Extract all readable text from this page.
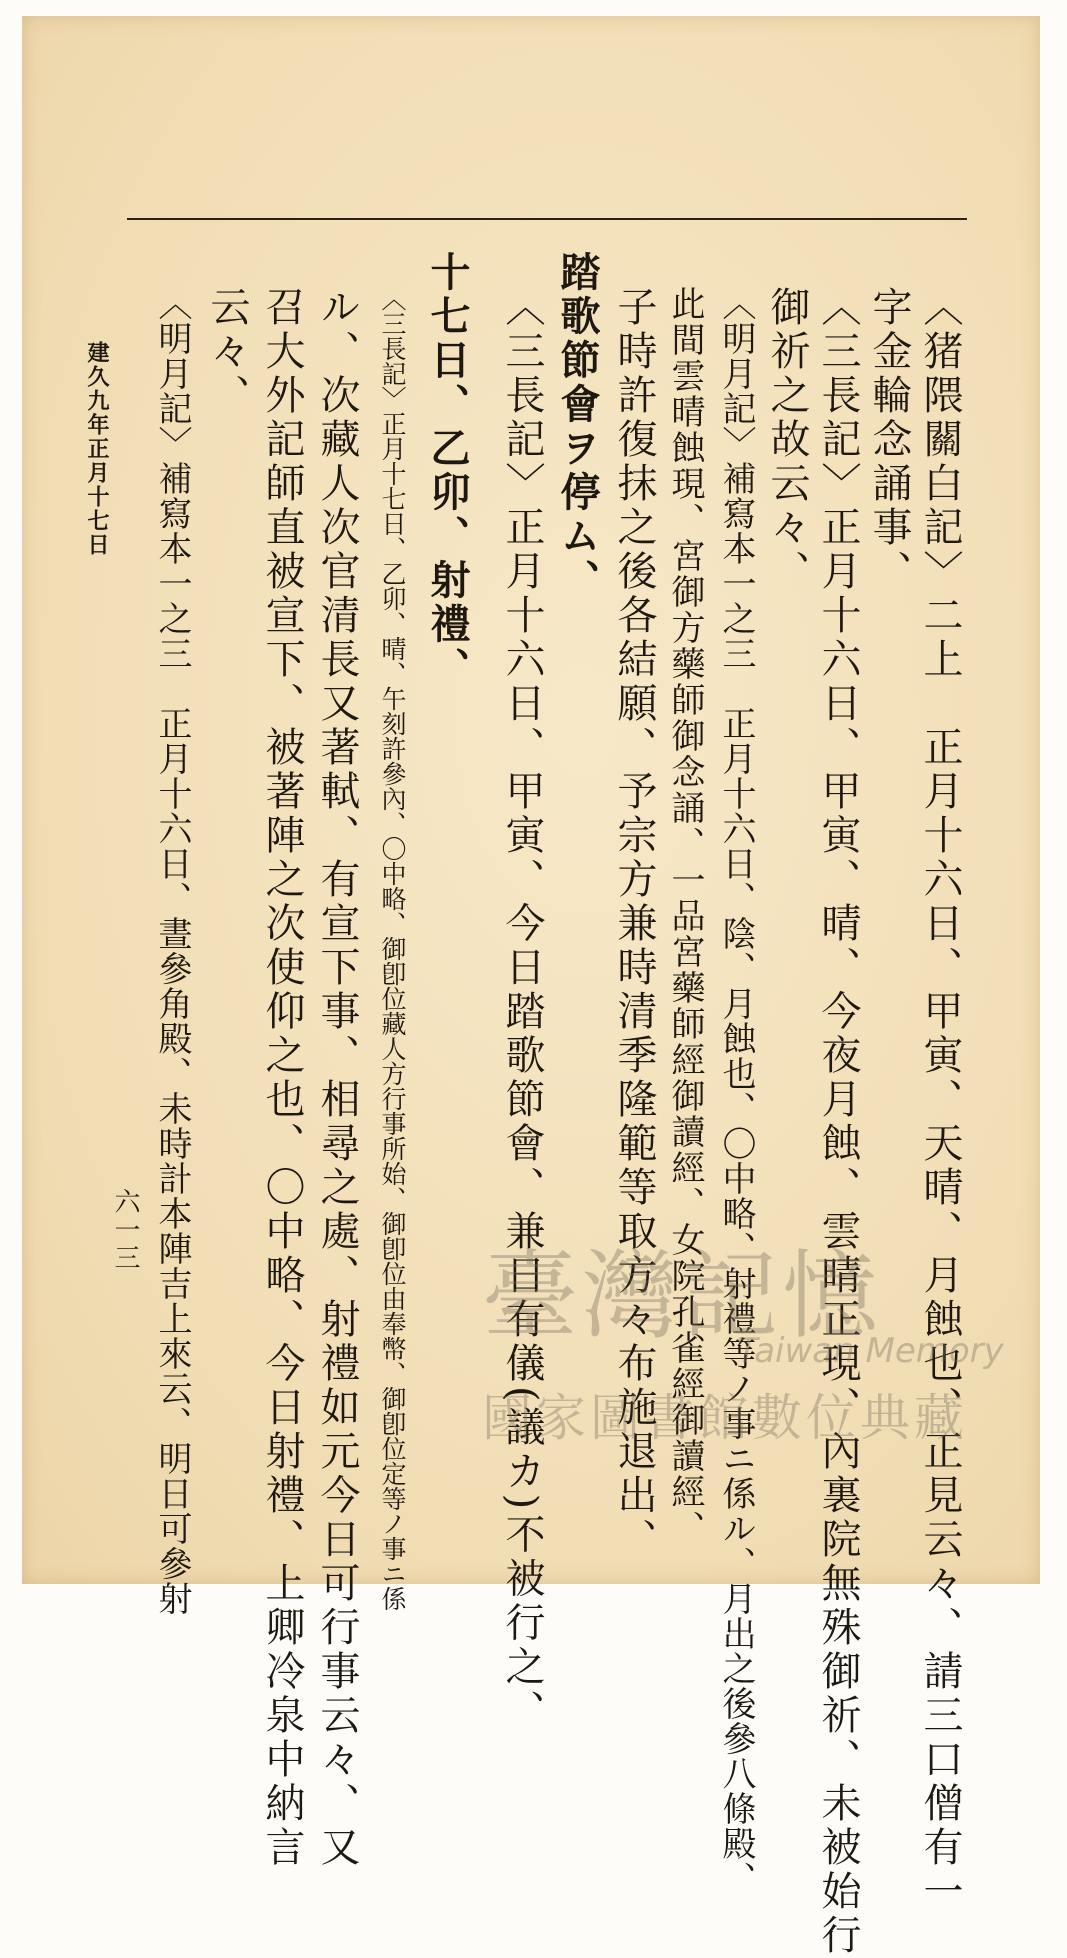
〈猪隈關白記〉二上　正月十六日、甲寅、天晴、月蝕也、正見云々、請三口僧有一
字金輪念誦事、
〈三長記〉正月十六日、甲寅、晴、今夜月蝕、雲晴正現、內裏院無殊御祈、未被始行
御祈之故云々、
〈明月記〉補寫本一之三　正月十六日、陰、月蝕也、〇中略、射禮等ノ事ニ係ル、月出之後參八條殿、
此間雲晴蝕現、宮御方藥師御念誦、一品宮藥師經御讀經、女院孔雀經御讀經、
子時許復抹之後各結願、予宗方兼時清季隆範等取方々布施退出、
踏歌節會ヲ停ム、
〈三長記〉正月十六日、甲寅、今日踏歌節會、兼日有儀(議カ)不被行之、
十七日、乙卯、射禮、
〈三長記〉正月十七日、乙卯、晴、午刻許參內、〇中略、御卽位藏人方行事所始、御卽位由奉幣、御卽位定等ノ事ニ係
ル、次藏人次官清長又著軾、有宣下事、相尋之處、射禮如元今日可行事云々、又
召大外記師直被宣下、被著陣之次使仰之也、〇中略、今日射禮、上卿冷泉中納言
云々、
〈明月記〉補寫本一之三　正月十六日、晝參角殿、未時計本陣吉上來云、明日可參射
建久九年正月十七日
六一三
臺灣記憶
Taiwan Memory
國家圖書館數位典藏
